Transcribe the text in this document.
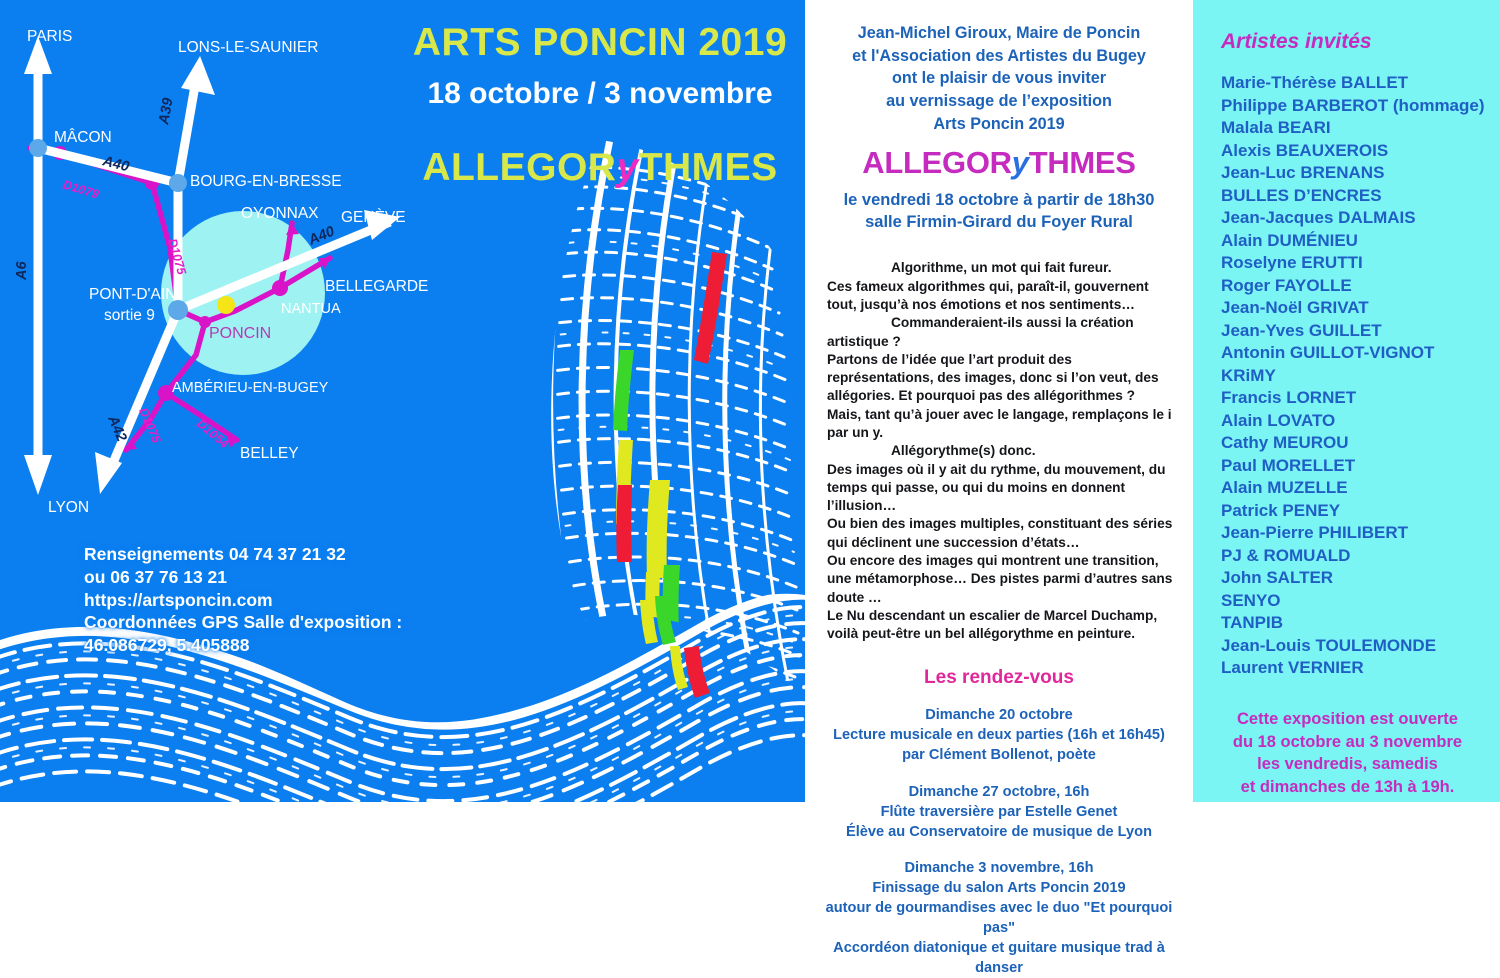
PARIS
LONS-LE-SAUNIER
MÂCON
BOURG-EN-BRESSE
OYONNAX GENÈVE
BELLEGARDE
NANTUA
PONT-D'AIN
sortie 9
PONCIN
AMBÉRIEU-EN-BUGEY
BELLEY
LYON
A6
A39
A40
A40
A42
D1079
D1075
D1075 D1054
ARTS PONCIN 2019
18 octobre / 3 novembre
ALLEGORyTHMES
Renseignements 04 74 37 21 32
ou 06 37 76 13 21
https://artsponcin.com
Coordonnées GPS Salle d'exposition :
46.086729, 5.405888
Jean-Michel Giroux, Maire de Poncin
et l'Association des Artistes du Bugey
ont le plaisir de vous inviter
au vernissage de l’exposition
Arts Poncin 2019
ALLEGORyTHMES
le vendredi 18 octobre à partir de 18h30
salle Firmin-Girard du Foyer Rural

Algorithme, un mot qui fait fureur.

Ces fameux algorithmes qui, paraît-il, gouvernent tout, jusqu’à nos émotions et nos sentiments…

Commanderaient-ils aussi la création artistique ?

Partons de l’idée que l’art produit des représentations, des images, donc si l’on veut, des allégories. Et pourquoi pas des allégorithmes ?

Mais, tant qu’à jouer avec le langage, remplaçons le i par un y.

Allégorythme(s) donc.

Des images où il y ait du rythme, du mouvement, du temps qui passe, ou qui du moins en donnent l’illusion…

Ou bien des images multiples, constituant des séries qui déclinent une succession d’états…

Ou encore des images qui montrent une transition, une métamorphose… Des pistes parmi d’autres sans doute …

Le Nu descendant un escalier de Marcel Duchamp, voilà peut-être un bel allégorythme en peinture.

Les rendez-vous
Dimanche 20 octobre
Lecture musicale en deux parties (16h et 16h45)
par Clément Bollenot, poète
Dimanche 27 octobre, 16h
Flûte traversière par Estelle Genet
Élève au Conservatoire de musique de Lyon
Dimanche 3 novembre, 16h
Finissage du salon Arts Poncin 2019
autour de gourmandises avec le duo "Et pourquoi pas"
Accordéon diatonique et guitare musique trad à danser
Artistes invités
Marie-Thérèse BALLET
Philippe BARBEROT (hommage)
Malala BEARI
Alexis BEAUXEROIS
Jean-Luc BRENANS
BULLES D’ENCRES
Jean-Jacques DALMAIS
Alain DUMÉNIEU
Roselyne ERUTTI
Roger FAYOLLE
Jean-Noël GRIVAT
Jean-Yves GUILLET
Antonin GUILLOT-VIGNOT
KRiMY
Francis LORNET
Alain LOVATO
Cathy MEUROU
Paul MORELLET
Alain MUZELLE
Patrick PENEY
Jean-Pierre PHILIBERT
PJ & ROMUALD
John SALTER
SENYO
TANPIB
Jean-Louis TOULEMONDE
Laurent VERNIER
Cette exposition est ouverte
du 18 octobre au 3 novembre
les vendredis, samedis
et dimanches de 13h à 19h.
